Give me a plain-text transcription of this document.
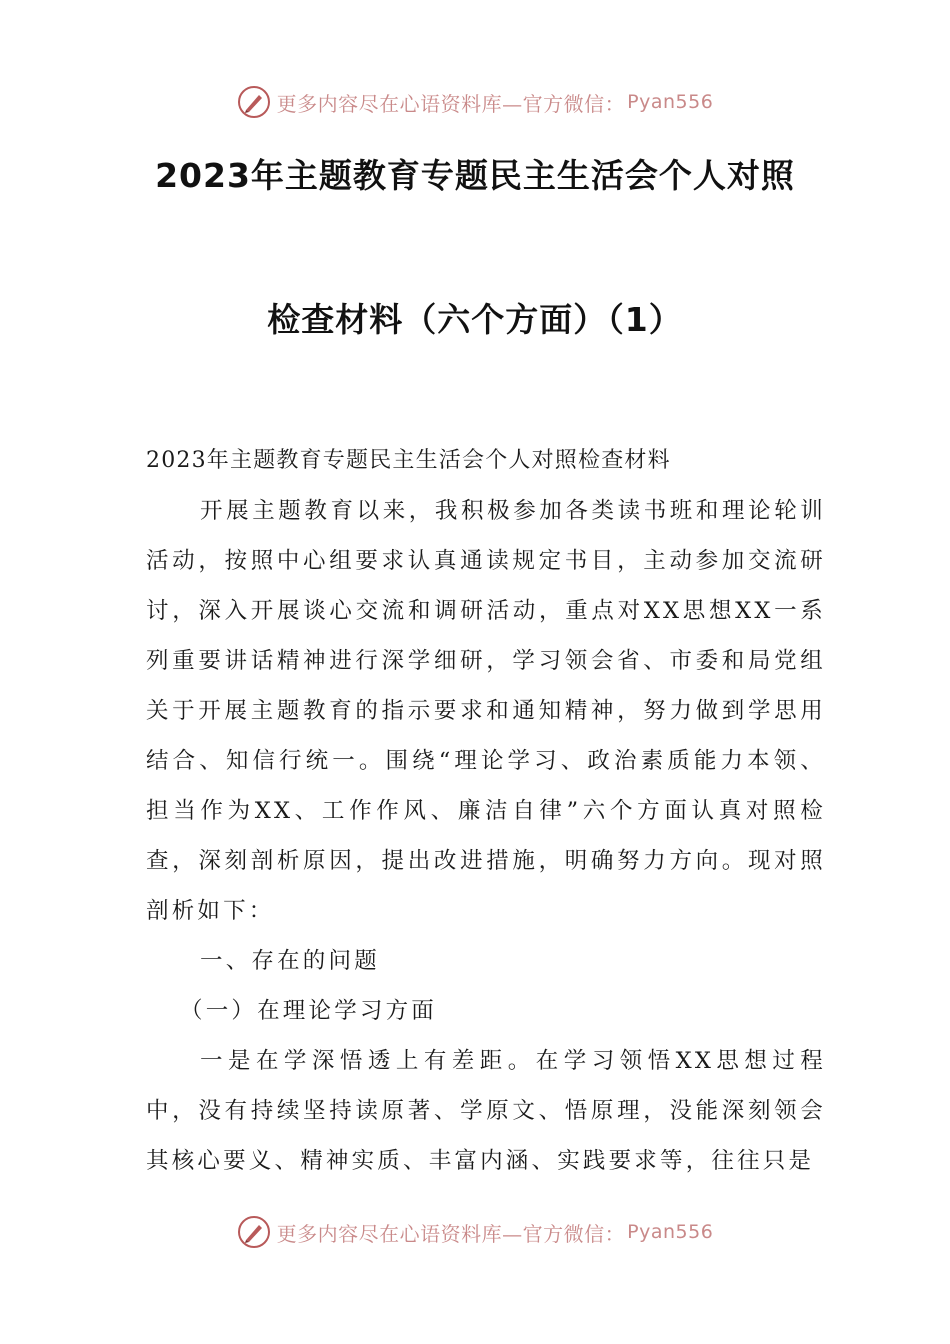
更多内容尽在心语资料库—官方微信： Pyan556
2023年主题教育专题民主生活会个人对照
检查材料（六个方面）（1）

2023年主题教育专题民主生活会个人对照检查材料

开展主题教育以来，我积极参加各类读书班和理论轮训活动，按照中心组要求认真通读规定书目，主动参加交流研讨，深入开展谈心交流和调研活动，重点对XX思想XX一系列重要讲话精神进行深学细研，学习领会省、市委和局党组关于开展主题教育的指示要求和通知精神，努力做到学思用结合、知信行统一。围绕“理论学习、政治素质能力本领、担当作为XX、工作作风、廉洁自律”六个方面认真对照检查，深刻剖析原因，提出改进措施，明确努力方向。现对照剖析如下：

一、存在的问题

（一）在理论学习方面

一是在学深悟透上有差距。在学习领悟XX思想过程中，没有持续坚持读原著、学原文、悟原理，没能深刻领会其核心要义、精神实质、丰富内涵、实践要求等，往往只是

更多内容尽在心语资料库—官方微信： Pyan556
